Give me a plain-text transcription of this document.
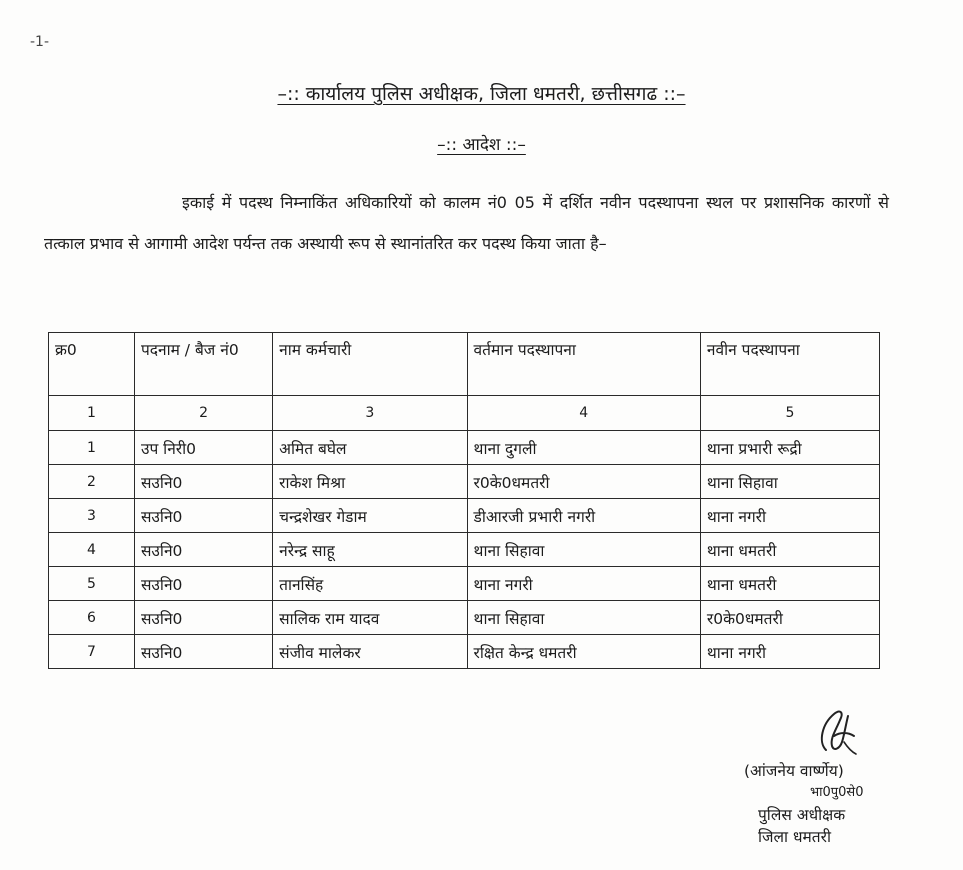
-1-
–:: कार्यालय पुलिस अधीक्षक, जिला धमतरी, छत्तीसगढ ::–
–:: आदेश ::–
इकाई में पदस्थ निम्नाकिंत अधिकारियों को कालम नं0 05 में दर्शित नवीन पदस्थापना स्थल पर प्रशासनिक कारणों से तत्काल प्रभाव से आगामी आदेश पर्यन्त तक अस्थायी रूप से स्थानांतरित कर पदस्थ किया जाता है–
क्र0	पदनाम / बैज नं0	नाम कर्मचारी	वर्तमान पदस्थापना	नवीन पदस्थापना
1	2	3	4	5
1	उप निरी0	अमित बघेल	थाना दुगली	थाना प्रभारी रूद्री
2	सउनि0	राकेश मिश्रा	र0के0धमतरी	थाना सिहावा
3	सउनि0	चन्द्रशेखर गेडाम	डीआरजी प्रभारी नगरी	थाना नगरी
4	सउनि0	नरेन्द्र साहू	थाना सिहावा	थाना धमतरी
5	सउनि0	तानसिंह	थाना नगरी	थाना धमतरी
6	सउनि0	सालिक राम यादव	थाना सिहावा	र0के0धमतरी
7	सउनि0	संजीव मालेकर	रक्षित केन्द्र धमतरी	थाना नगरी
(आंजनेय वार्ष्णेय)
भा0पु0से0
पुलिस अधीक्षक
जिला धमतरी
